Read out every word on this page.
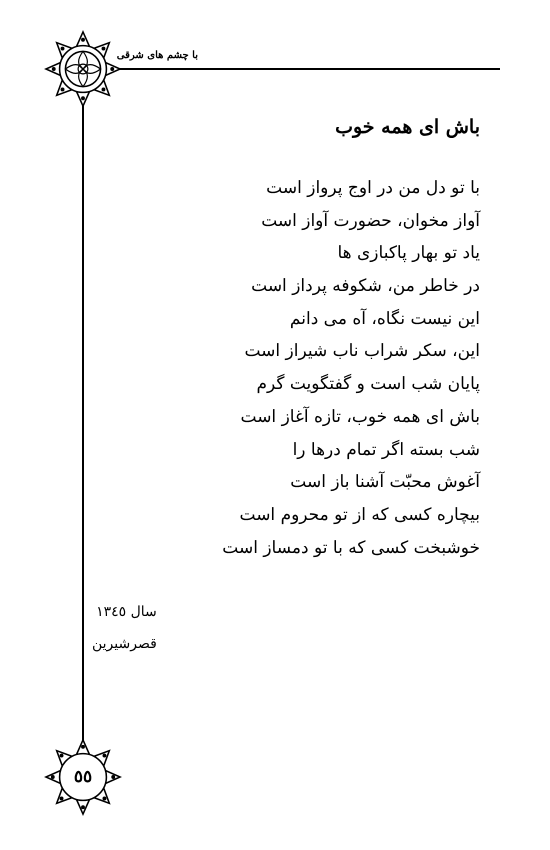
با چشم های شرقی
٥٥
باش ای همه خوب
با تو دل من در اوج پرواز است
آواز مخوان، حضورت آواز است
یاد تو بهار پاکبازی ها
در خاطر من، شکوفه پرداز است
این نیست نگاه، آه می دانم
این، سکر شراب ناب شیراز است
پایان شب است و گفتگویت گرم
باش ای همه خوب، تازه آغاز است
شب بسته اگر تمام درها را
آغوش محبّت آشنا باز است
بیچاره کسی که از تو محروم است
خوشبخت کسی که با تو دمساز است
سال ۱۳٤٥
قصرشیرین
